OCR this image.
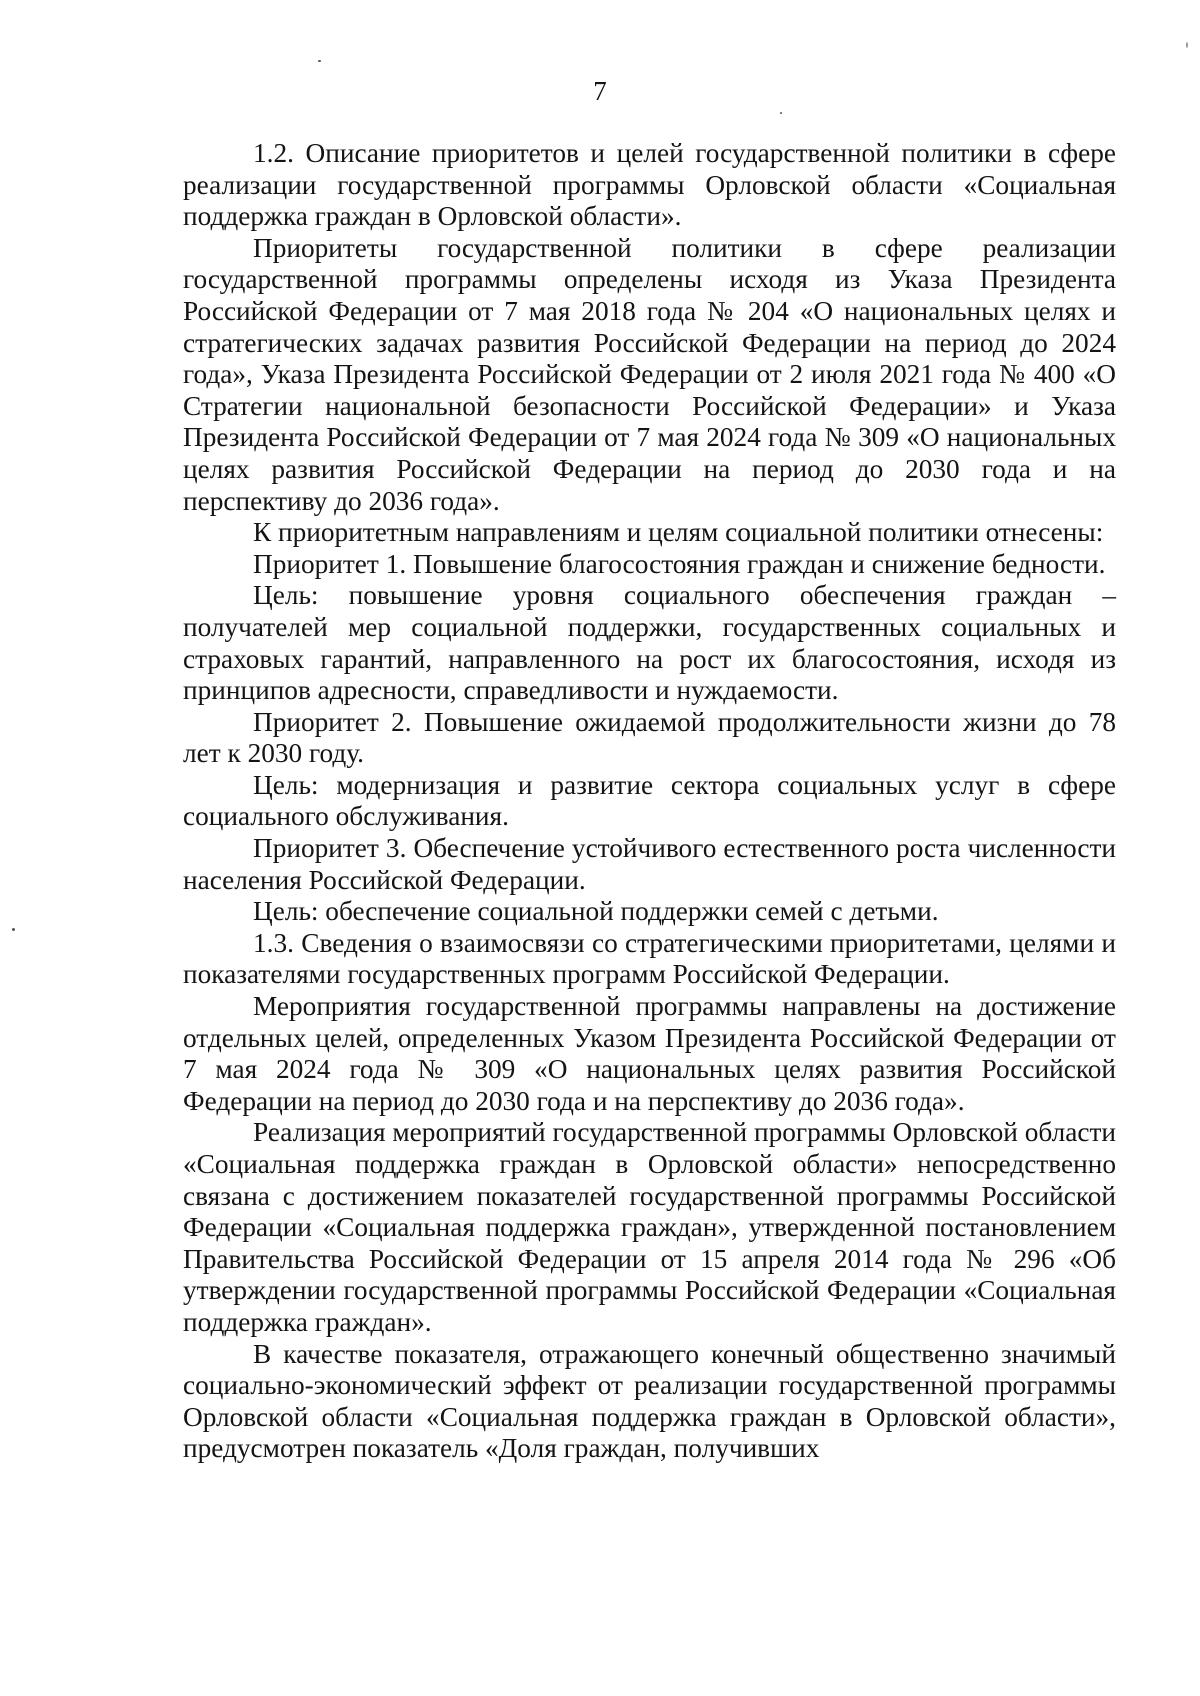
7

1.2. Описание приоритетов и целей государственной политики в сфере реализации государственной программы Орловской области «Социальная поддержка граждан в Орловской области».

Приоритеты государственной политики в сфере реализации государственной программы определены исходя из Указа Президента Российской Федерации от 7 мая 2018 года № 204 «О национальных целях и стратегических задачах развития Российской Федерации на период до 2024 года», Указа Президента Российской Федерации от 2 июля 2021 года № 400 «О Стратегии национальной безопасности Российской Федерации» и Указа Президента Российской Федерации от 7 мая 2024 года № 309 «О национальных целях развития Российской Федерации на период до 2030 года и на перспективу до 2036 года».

К приоритетным направлениям и целям социальной политики отнесены:

Приоритет 1. Повышение благосостояния граждан и снижение бедности.

Цель: повышение уровня социального обеспечения граждан – получателей мер социальной поддержки, государственных социальных и страховых гарантий, направленного на рост их благосостояния, исходя из принципов адресности, справедливости и нуждаемости.

Приоритет 2. Повышение ожидаемой продолжительности жизни до 78 лет к 2030 году.

Цель: модернизация и развитие сектора социальных услуг в сфере социального обслуживания.

Приоритет 3. Обеспечение устойчивого естественного роста численности населения Российской Федерации.

Цель: обеспечение социальной поддержки семей с детьми.

1.3. Сведения о взаимосвязи со стратегическими приоритетами, целями и показателями государственных программ Российской Федерации.

Мероприятия государственной программы направлены на достижение отдельных целей, определенных Указом Президента Российской Федерации от 7 мая 2024 года № 309 «О национальных целях развития Российской Федерации на период до 2030 года и на перспективу до 2036 года».

Реализация мероприятий государственной программы Орловской области «Социальная поддержка граждан в Орловской области» непосредственно связана с достижением показателей государственной программы Российской Федерации «Социальная поддержка граждан», утвержденной постановлением Правительства Российской Федерации от 15 апреля 2014 года № 296 «Об утверждении государственной программы Российской Федерации «Социальная поддержка граждан».

В качестве показателя, отражающего конечный общественно значимый социально-экономический эффект от реализации государственной программы Орловской области «Социальная поддержка граждан в Орловской области», предусмотрен показатель «Доля граждан, получивших
